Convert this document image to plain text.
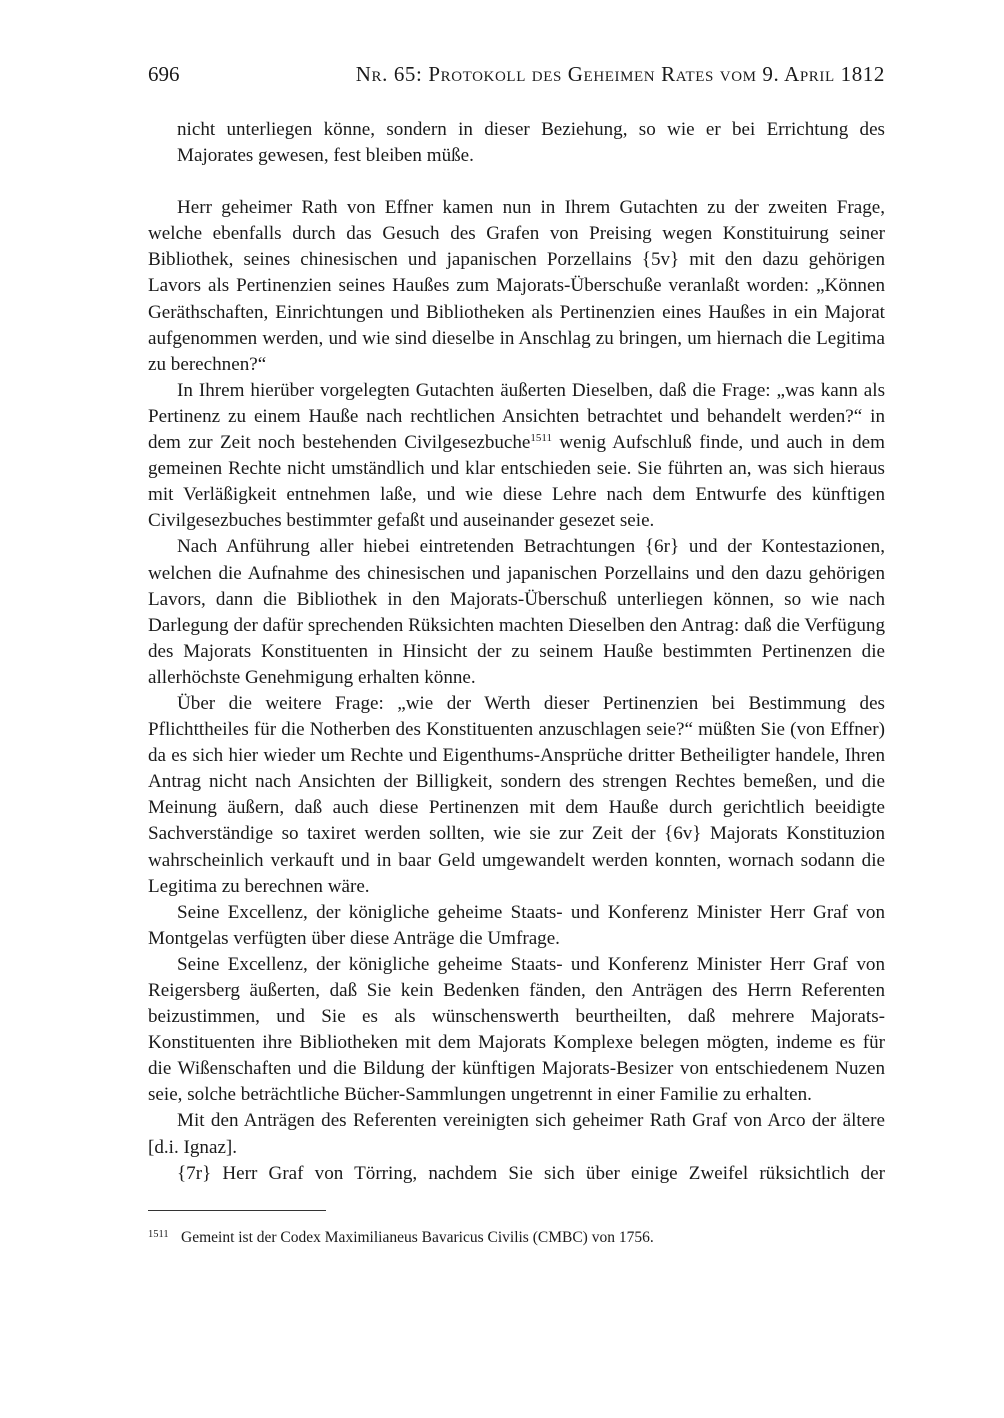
696	Nr. 65: Protokoll des Geheimen Rates vom 9. April 1812

nicht unterliegen könne, sondern in dieser Beziehung, so wie er bei Errichtung des Majorates gewesen, fest bleiben müße.

Herr geheimer Rath von Effner kamen nun in Ihrem Gutachten zu der zweiten Frage, welche ebenfalls durch das Gesuch des Grafen von Preising wegen Konstituirung seiner Bibliothek, seines chinesischen und japanischen Porzellains {5v} mit den dazu gehörigen Lavors als Pertinenzien seines Haußes zum Majorats-Überschuße veranlaßt worden: „Können Geräthschaften, Einrichtungen und Bibliotheken als Pertinenzien eines Haußes in ein Majorat aufgenommen werden, und wie sind dieselbe in Anschlag zu bringen, um hiernach die Legitima zu berechnen?“

In Ihrem hierüber vorgelegten Gutachten äußerten Dieselben, daß die Frage: „was kann als Pertinenz zu einem Hauße nach rechtlichen Ansichten betrachtet und behandelt werden?“ in dem zur Zeit noch bestehenden Civilgesezbuche$^{1511}$ wenig Aufschluß finde, und auch in dem gemeinen Rechte nicht umständlich und klar entschieden seie. Sie führten an, was sich hieraus mit Verläßigkeit entnehmen laße, und wie diese Lehre nach dem Entwurfe des künftigen Civilgesezbuches bestimmter gefaßt und auseinander gesezet seie.

Nach Anführung aller hiebei eintretenden Betrachtungen {6r} und der Kontestazionen, welchen die Aufnahme des chinesischen und japanischen Porzellains und den dazu gehörigen Lavors, dann die Bibliothek in den Majorats-Überschuß unterliegen können, so wie nach Darlegung der dafür sprechenden Rüksichten machten Dieselben den Antrag: daß die Verfügung des Majorats Konstituenten in Hinsicht der zu seinem Hauße bestimmten Pertinenzen die allerhöchste Genehmigung erhalten könne.

Über die weitere Frage: „wie der Werth dieser Pertinenzien bei Bestimmung des Pflichttheiles für die Notherben des Konstituenten anzuschlagen seie?“ müßten Sie (von Effner) da es sich hier wieder um Rechte und Eigenthums-Ansprüche dritter Betheiligter handele, Ihren Antrag nicht nach Ansichten der Billigkeit, sondern des strengen Rechtes bemeßen, und die Meinung äußern, daß auch diese Pertinenzen mit dem Hauße durch gerichtlich beeidigte Sachverständige so taxiret werden sollten, wie sie zur Zeit der {6v} Majorats Konstituzion wahrscheinlich verkauft und in baar Geld umgewandelt werden konnten, wornach sodann die Legitima zu berechnen wäre.

Seine Excellenz, der königliche geheime Staats- und Konferenz Minister Herr Graf von Montgelas verfügten über diese Anträge die Umfrage.

Seine Excellenz, der königliche geheime Staats- und Konferenz Minister Herr Graf von Reigersberg äußerten, daß Sie kein Bedenken fänden, den Anträgen des Herrn Referenten beizustimmen, und Sie es als wünschenswerth beurtheilten, daß mehrere Majorats-Konstituenten ihre Bibliotheken mit dem Majorats Komplexe belegen mögten, indeme es für die Wißenschaften und die Bildung der künftigen Majorats-Besizer von entschiedenem Nuzen seie, solche beträchtliche Bücher-Sammlungen ungetrennt in einer Familie zu erhalten.

Mit den Anträgen des Referenten vereinigten sich geheimer Rath Graf von Arco der ältere [d.i. Ignaz].

{7r} Herr Graf von Törring, nachdem Sie sich über einige Zweifel rüksichtlich der

1511 Gemeint ist der Codex Maximilianeus Bavaricus Civilis (CMBC) von 1756.
